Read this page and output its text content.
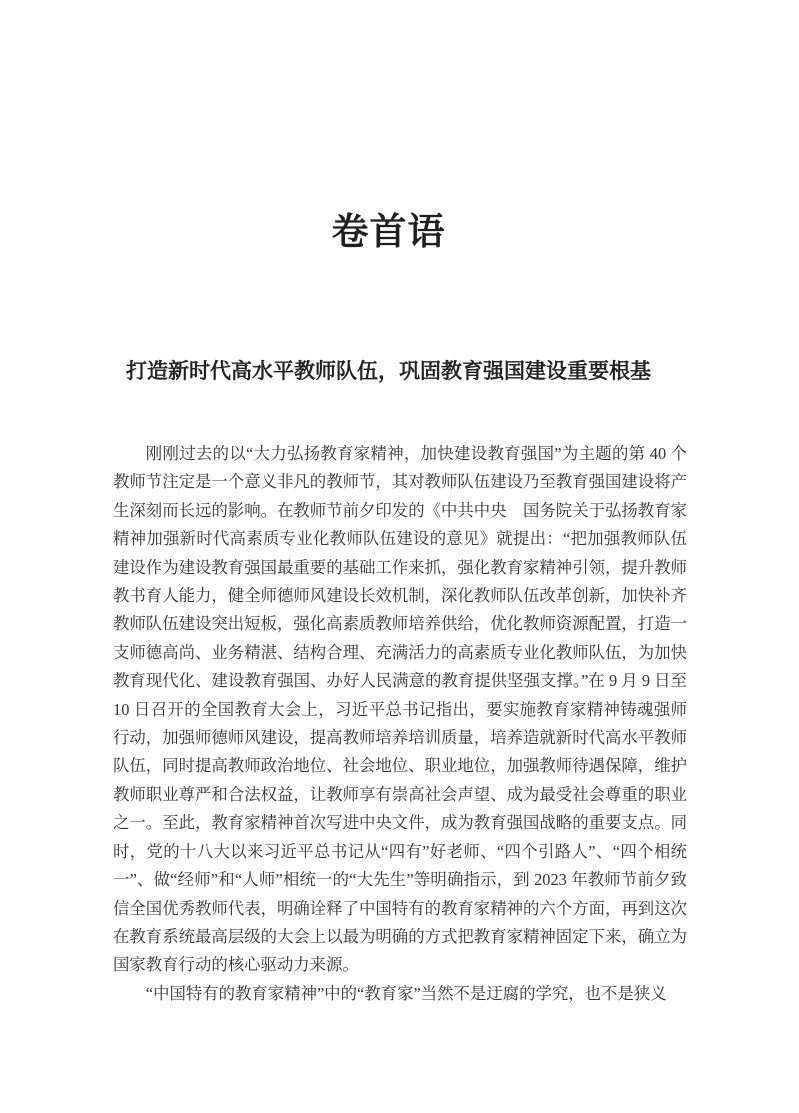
卷首语
打造新时代高水平教师队伍，巩固教育强国建设重要根基

刚刚过去的以“大力弘扬教育家精神，加快建设教育强国”为主题的第 40 个教师节注定是一个意义非凡的教师节，其对教师队伍建设乃至教育强国建设将产生深刻而长远的影响。在教师节前夕印发的《中共中央　国务院关于弘扬教育家精神加强新时代高素质专业化教师队伍建设的意见》就提出：“把加强教师队伍建设作为建设教育强国最重要的基础工作来抓，强化教育家精神引领，提升教师教书育人能力，健全师德师风建设长效机制，深化教师队伍改革创新，加快补齐教师队伍建设突出短板，强化高素质教师培养供给，优化教师资源配置，打造一支师德高尚、业务精湛、结构合理、充满活力的高素质专业化教师队伍，为加快教育现代化、建设教育强国、办好人民满意的教育提供坚强支撑。”在 9 月 9 日至 10 日召开的全国教育大会上，习近平总书记指出，要实施教育家精神铸魂强师行动，加强师德师风建设，提高教师培养培训质量，培养造就新时代高水平教师队伍，同时提高教师政治地位、社会地位、职业地位，加强教师待遇保障，维护教师职业尊严和合法权益，让教师享有崇高社会声望、成为最受社会尊重的职业之一。至此，教育家精神首次写进中央文件，成为教育强国战略的重要支点。同时，党的十八大以来习近平总书记从“四有”好老师、“四个引路人”、“四个相统一”、做“经师”和“人师”相统一的“大先生”等明确指示，到 2023 年教师节前夕致信全国优秀教师代表，明确诠释了中国特有的教育家精神的六个方面，再到这次在教育系统最高层级的大会上以最为明确的方式把教育家精神固定下来，确立为国家教育行动的核心驱动力来源。

“中国特有的教育家精神”中的“教育家”当然不是迂腐的学究，也不是狭义
